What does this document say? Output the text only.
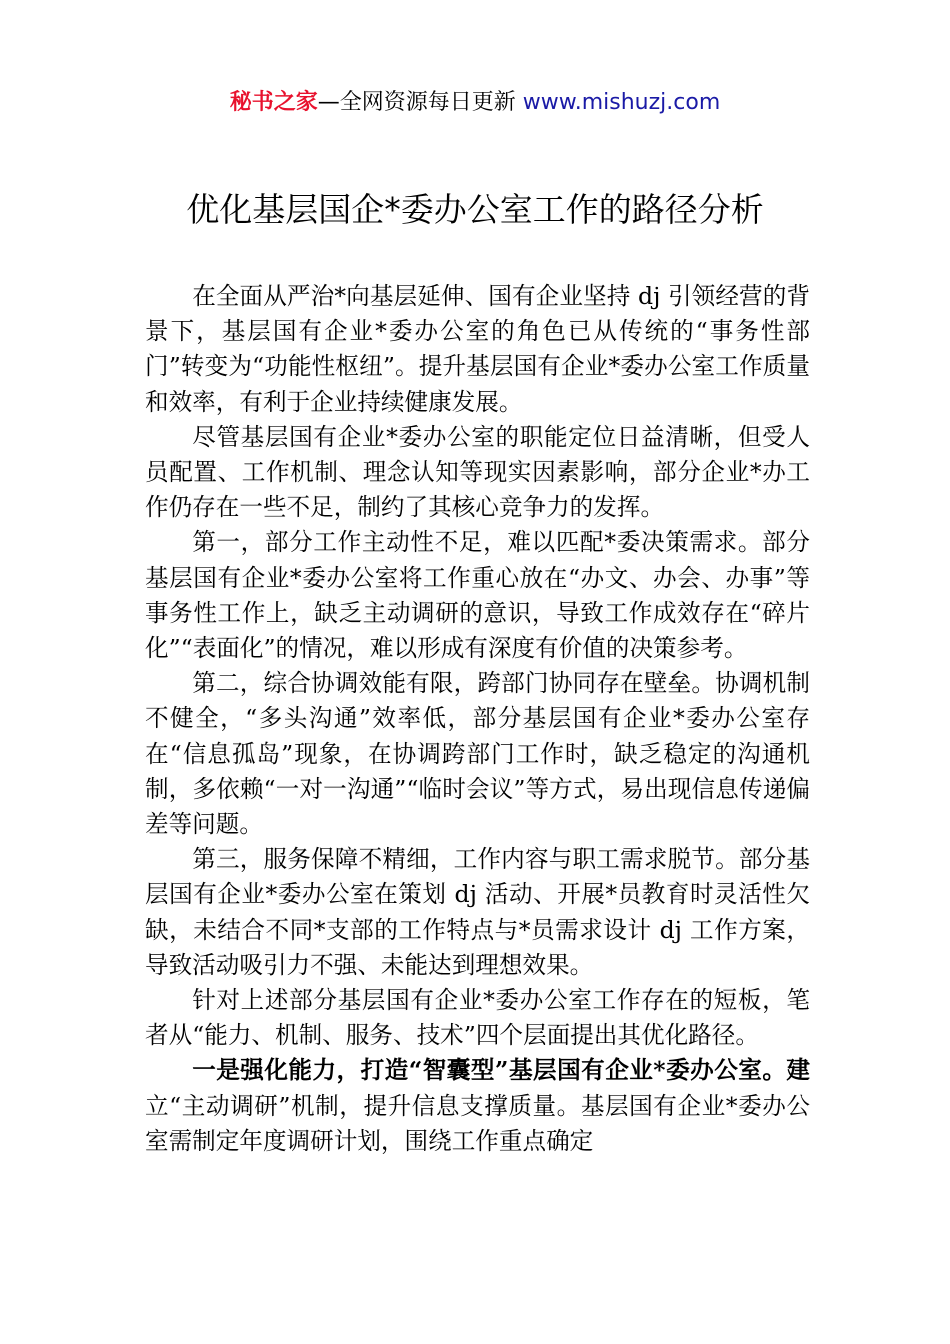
秘书之家—全网资源每日更新 www.mishuzj.com
优化基层国企*委办公室工作的路径分析

在全面从严治*向基层延伸、国有企业坚持 dj 引领经营的背景下，基层国有企业*委办公室的角色已从传统的“事务性部门”转变为“功能性枢纽”。提升基层国有企业*委办公室工作质量和效率，有利于企业持续健康发展。

尽管基层国有企业*委办公室的职能定位日益清晰，但受人员配置、工作机制、理念认知等现实因素影响，部分企业*办工作仍存在一些不足，制约了其核心竞争力的发挥。

第一，部分工作主动性不足，难以匹配*委决策需求。部分基层国有企业*委办公室将工作重心放在“办文、办会、办事”等事务性工作上，缺乏主动调研的意识，导致工作成效存在“碎片化”“表面化”的情况，难以形成有深度有价值的决策参考。

第二，综合协调效能有限，跨部门协同存在壁垒。协调机制不健全，“多头沟通”效率低，部分基层国有企业*委办公室存在“信息孤岛”现象，在协调跨部门工作时，缺乏稳定的沟通机制，多依赖“一对一沟通”“临时会议”等方式，易出现信息传递偏差等问题。

第三，服务保障不精细，工作内容与职工需求脱节。部分基层国有企业*委办公室在策划 dj 活动、开展*员教育时灵活性欠缺，未结合不同*支部的工作特点与*员需求设计 dj 工作方案，导致活动吸引力不强、未能达到理想效果。

针对上述部分基层国有企业*委办公室工作存在的短板，笔者从“能力、机制、服务、技术”四个层面提出其优化路径。

一是强化能力，打造“智囊型”基层国有企业*委办公室。建立“主动调研”机制，提升信息支撑质量。基层国有企业*委办公室需制定年度调研计划，围绕工作重点确定
